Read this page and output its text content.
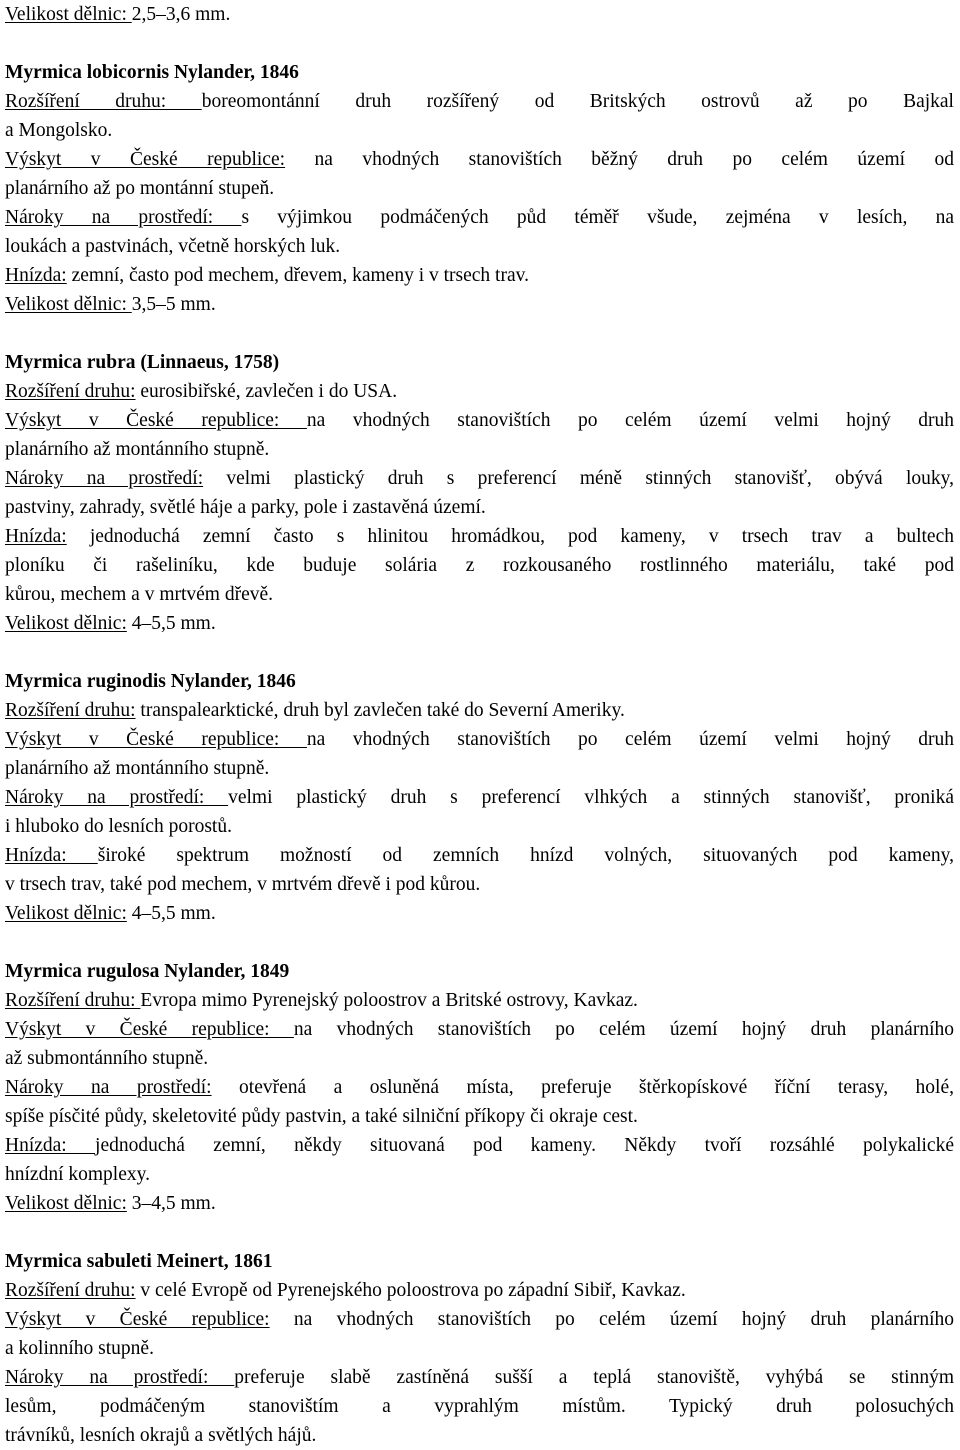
Velikost dělnic: 2,5–3,6 mm.
Myrmica lobicornis Nylander, 1846
Rozšíření druhu: boreomontánní druh rozšířený od Britských ostrovů až po Bajkal
a Mongolsko.
Výskyt v České republice: na vhodných stanovištích běžný druh po celém území od
planárního až po montánní stupeň.
Nároky na prostředí: s výjimkou podmáčených půd téměř všude, zejména v lesích, na
loukách a pastvinách, včetně horských luk.
Hnízda: zemní, často pod mechem, dřevem, kameny i v trsech trav.
Velikost dělnic: 3,5–5 mm.
Myrmica rubra (Linnaeus, 1758)
Rozšíření druhu: eurosibiřské, zavlečen i do USA.
Výskyt v České republice: na vhodných stanovištích po celém území velmi hojný druh
planárního až montánního stupně.
Nároky na prostředí: velmi plastický druh s preferencí méně stinných stanovišť, obývá louky,
pastviny, zahrady, světlé háje a parky, pole i zastavěná území.
Hnízda: jednoduchá zemní často s hlinitou hromádkou, pod kameny, v trsech trav a bultech
ploníku či rašeliníku, kde buduje solária z rozkousaného rostlinného materiálu, také pod
kůrou, mechem a v mrtvém dřevě.
Velikost dělnic: 4–5,5 mm.
Myrmica ruginodis Nylander, 1846
Rozšíření druhu: transpalearktické, druh byl zavlečen také do Severní Ameriky.
Výskyt v České republice: na vhodných stanovištích po celém území velmi hojný druh
planárního až montánního stupně.
Nároky na prostředí: velmi plastický druh s preferencí vlhkých a stinných stanovišť, proniká
i hluboko do lesních porostů.
Hnízda: široké spektrum možností od zemních hnízd volných, situovaných pod kameny,
v trsech trav, také pod mechem, v mrtvém dřevě i pod kůrou.
Velikost dělnic: 4–5,5 mm.
Myrmica rugulosa Nylander, 1849
Rozšíření druhu: Evropa mimo Pyrenejský poloostrov a Britské ostrovy, Kavkaz.
Výskyt v České republice: na vhodných stanovištích po celém území hojný druh planárního
až submontánního stupně.
Nároky na prostředí: otevřená a osluněná místa, preferuje štěrkopískové říční terasy, holé,
spíše písčité půdy, skeletovité půdy pastvin, a také silniční příkopy či okraje cest.
Hnízda: jednoduchá zemní, někdy situovaná pod kameny. Někdy tvoří rozsáhlé polykalické
hnízdní komplexy.
Velikost dělnic: 3–4,5 mm.
Myrmica sabuleti Meinert, 1861
Rozšíření druhu: v celé Evropě od Pyrenejského poloostrova po západní Sibiř, Kavkaz.
Výskyt v České republice: na vhodných stanovištích po celém území hojný druh planárního
a kolinního stupně.
Nároky na prostředí: preferuje slabě zastíněná sušší a teplá stanoviště, vyhýbá se stinným
lesům, podmáčeným stanovištím a vyprahlým místům. Typický druh polosuchých
trávníků, lesních okrajů a světlých hájů.
